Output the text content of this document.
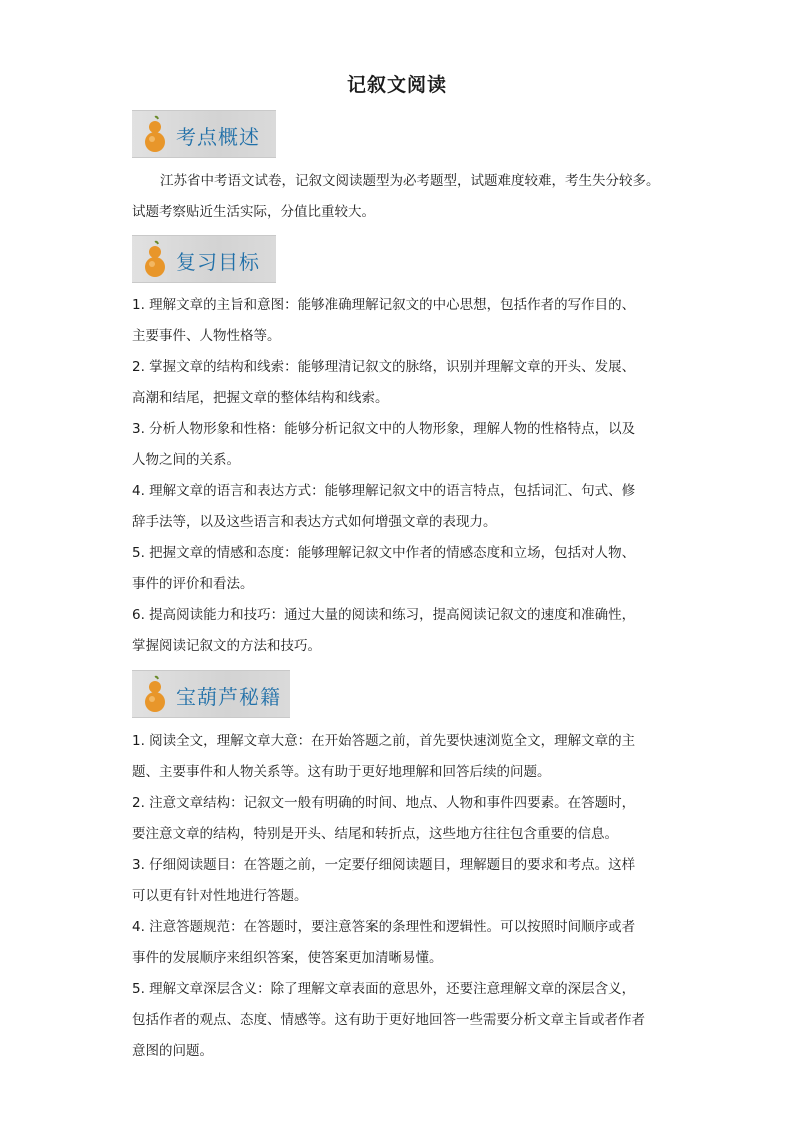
记叙文阅读
考点概述
江苏省中考语文试卷，记叙文阅读题型为必考题型，试题难度较难，考生失分较多。
试题考察贴近生活实际，分值比重较大。
复习目标
1. 理解文章的主旨和意图：能够准确理解记叙文的中心思想，包括作者的写作目的、
主要事件、人物性格等。
2. 掌握文章的结构和线索：能够理清记叙文的脉络，识别并理解文章的开头、发展、
高潮和结尾，把握文章的整体结构和线索。
3. 分析人物形象和性格：能够分析记叙文中的人物形象，理解人物的性格特点，以及
人物之间的关系。
4. 理解文章的语言和表达方式：能够理解记叙文中的语言特点，包括词汇、句式、修
辞手法等，以及这些语言和表达方式如何增强文章的表现力。
5. 把握文章的情感和态度：能够理解记叙文中作者的情感态度和立场，包括对人物、
事件的评价和看法。
6. 提高阅读能力和技巧：通过大量的阅读和练习，提高阅读记叙文的速度和准确性，
掌握阅读记叙文的方法和技巧。
宝葫芦秘籍
1. 阅读全文，理解文章大意：在开始答题之前，首先要快速浏览全文，理解文章的主
题、主要事件和人物关系等。这有助于更好地理解和回答后续的问题。
2. 注意文章结构：记叙文一般有明确的时间、地点、人物和事件四要素。在答题时，
要注意文章的结构，特别是开头、结尾和转折点，这些地方往往包含重要的信息。
3. 仔细阅读题目：在答题之前，一定要仔细阅读题目，理解题目的要求和考点。这样
可以更有针对性地进行答题。
4. 注意答题规范：在答题时，要注意答案的条理性和逻辑性。可以按照时间顺序或者
事件的发展顺序来组织答案，使答案更加清晰易懂。
5. 理解文章深层含义：除了理解文章表面的意思外，还要注意理解文章的深层含义，
包括作者的观点、态度、情感等。这有助于更好地回答一些需要分析文章主旨或者作者
意图的问题。
